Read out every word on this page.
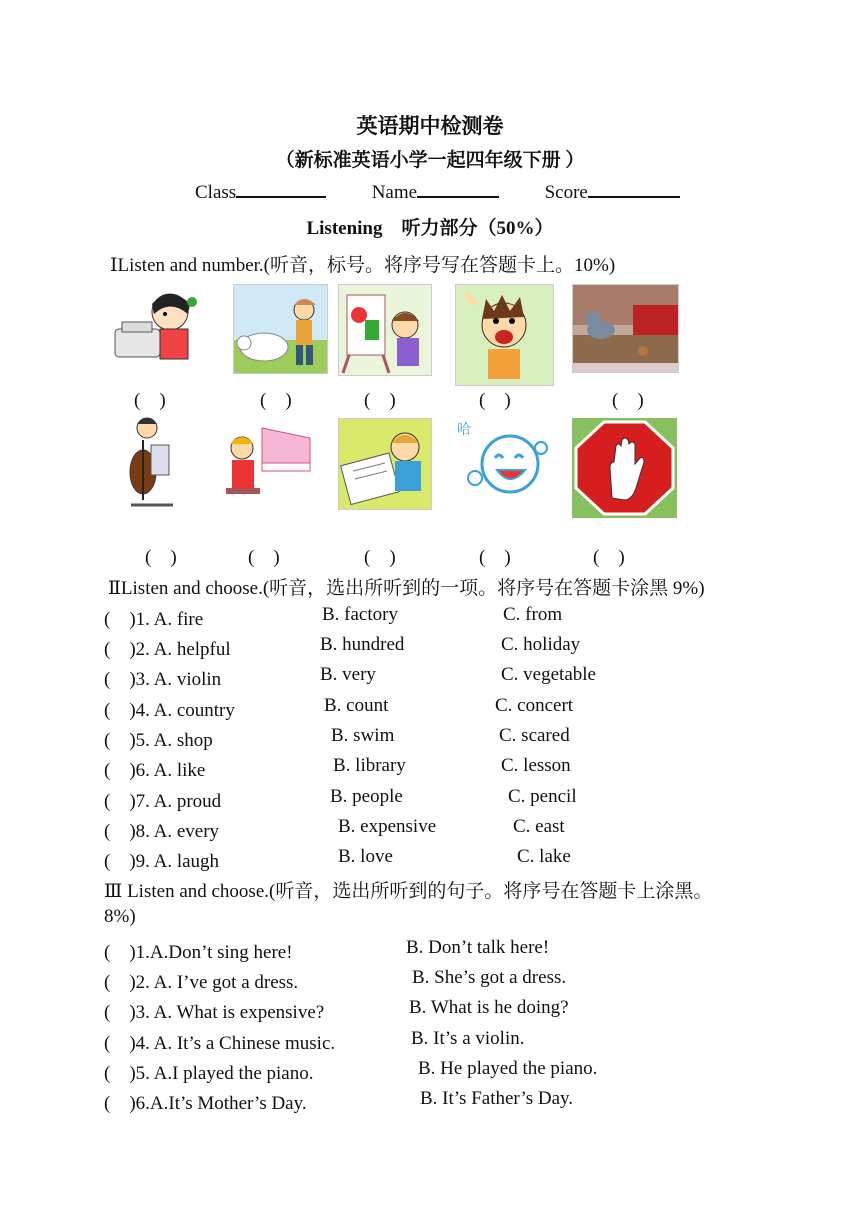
英语期中检测卷
（新标准英语小学一起四年级下册 ）
Class	Name	Score
Listening　听力部分（50%）
ⅠListen and number.(听音，标号。将序号写在答题卡上。10%)
(　)	(　)	(　)	(　)	(　)
哈
(　)	(　)	(　)	(　)	(　)
ⅡListen and choose.(听音，选出所听到的一项。将序号在答题卡涂黑 9%)
(　)1. A. fire	B. factory	C. from
(　)2. A. helpful	B. hundred	C. holiday
(　)3. A. violin	B. very	C. vegetable
(　)4. A. country	B. count	C. concert
(　)5. A. shop	B. swim	C. scared
(　)6. A. like	B. library	C. lesson
(　)7. A. proud	B. people	C. pencil
(　)8. A. every	B. expensive	C. east
(　)9. A. laugh	B. love	C. lake
Ⅲ Listen and choose.(听音，选出所听到的句子。将序号在答题卡上涂黑。
8%)
(　)1.A.Don’t sing here!	B. Don’t talk here!
(　)2. A. I’ve got a dress.	B. She’s got a dress.
(　)3. A. What is expensive?	B. What is he doing?
(　)4. A. It’s a Chinese music.	B. It’s a violin.
(　)5. A.I played the piano.	B. He played the piano.
(　)6.A.It’s Mother’s Day.	B. It’s Father’s Day.
